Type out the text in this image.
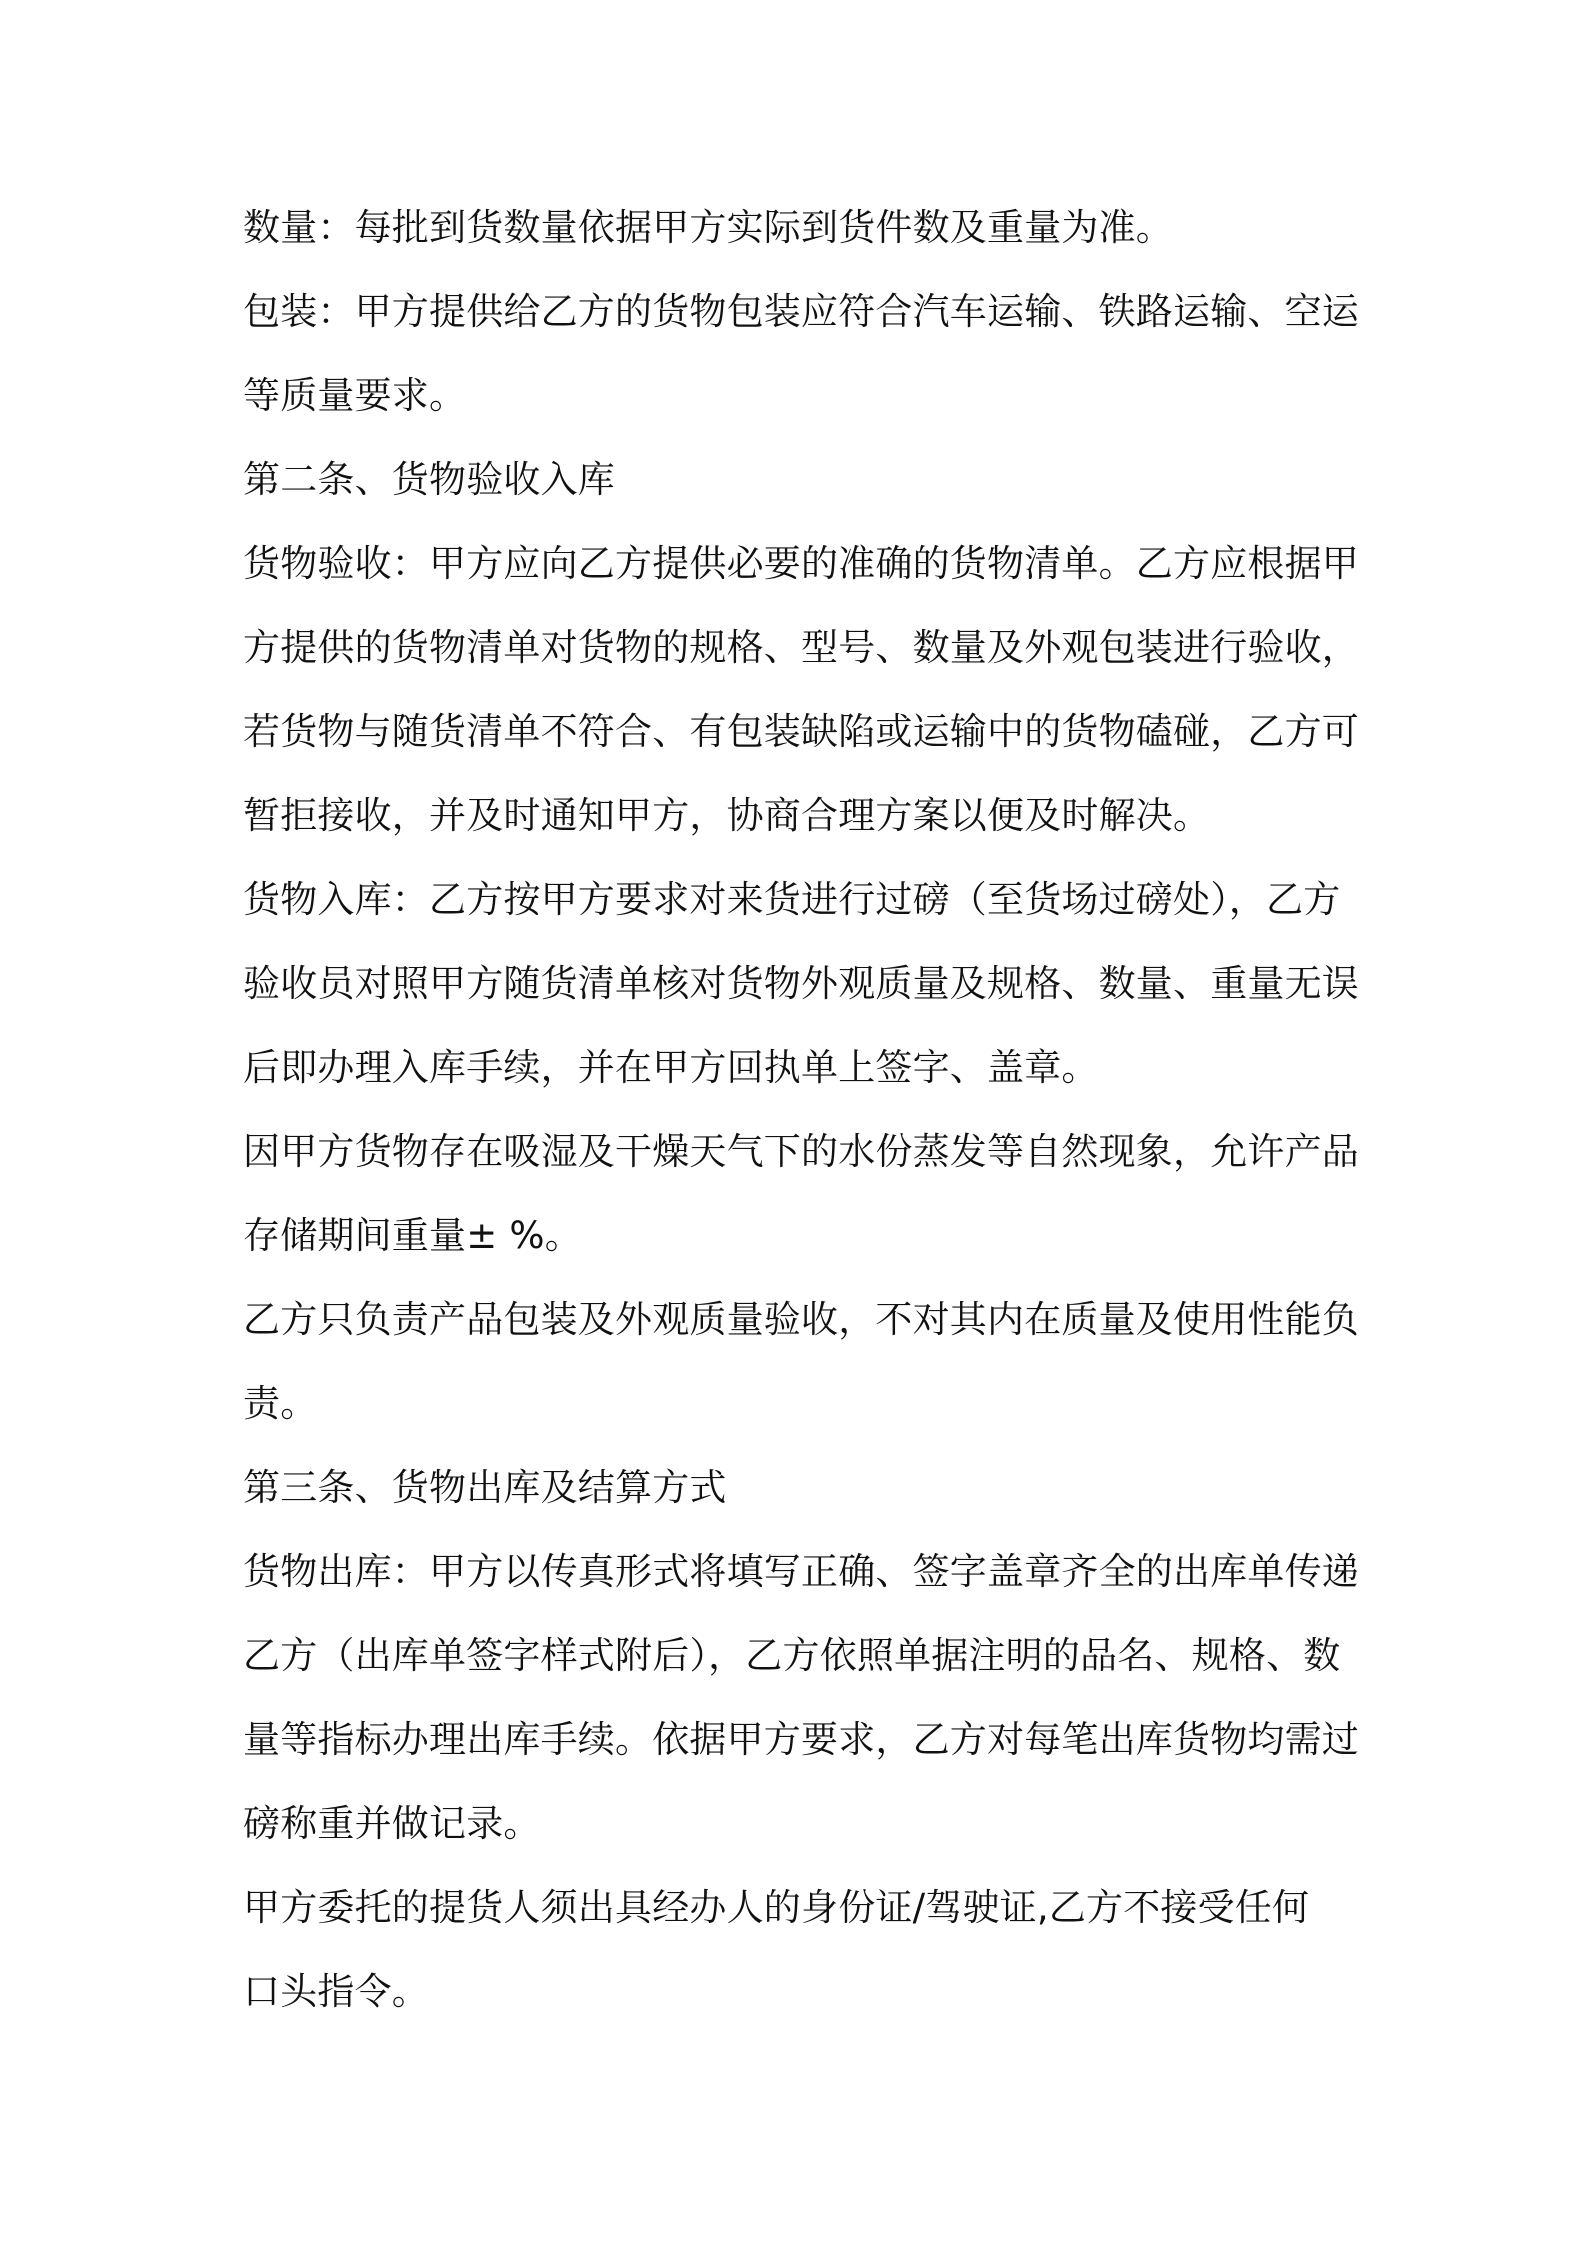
数量：每批到货数量依据甲方实际到货件数及重量为准。
包装：甲方提供给乙方的货物包装应符合汽车运输、铁路运输、空运
等质量要求。
第二条、货物验收入库
货物验收：甲方应向乙方提供必要的准确的货物清单。乙方应根据甲
方提供的货物清单对货物的规格、型号、数量及外观包装进行验收，
若货物与随货清单不符合、有包装缺陷或运输中的货物磕碰，乙方可
暂拒接收，并及时通知甲方，协商合理方案以便及时解决。
货物入库：乙方按甲方要求对来货进行过磅（至货场过磅处），乙方
验收员对照甲方随货清单核对货物外观质量及规格、数量、重量无误
后即办理入库手续，并在甲方回执单上签字、盖章。
因甲方货物存在吸湿及干燥天气下的水份蒸发等自然现象，允许产品
存储期间重量± %。
乙方只负责产品包装及外观质量验收，不对其内在质量及使用性能负
责。
第三条、货物出库及结算方式
货物出库：甲方以传真形式将填写正确、签字盖章齐全的出库单传递
乙方（出库单签字样式附后），乙方依照单据注明的品名、规格、数
量等指标办理出库手续。依据甲方要求，乙方对每笔出库货物均需过
磅称重并做记录。
甲方委托的提货人须出具经办人的身份证/驾驶证,乙方不接受任何
口头指令。
